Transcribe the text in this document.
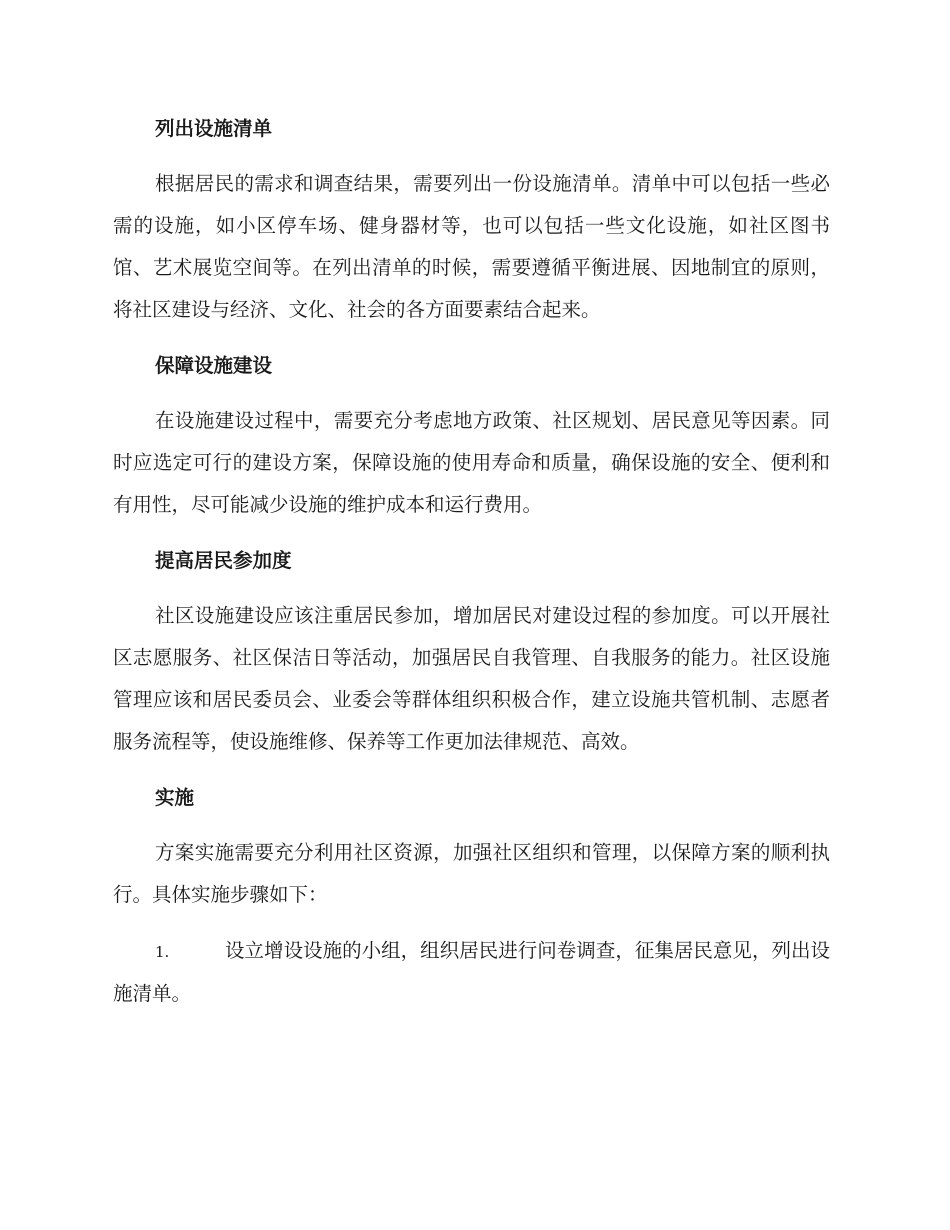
列出设施清单

根据居民的需求和调查结果，需要列出一份设施清单。清单中可以包括一些必需的设施，如小区停车场、健身器材等，也可以包括一些文化设施，如社区图书馆、艺术展览空间等。在列出清单的时候，需要遵循平衡进展、因地制宜的原则，将社区建设与经济、文化、社会的各方面要素结合起来。

保障设施建设

在设施建设过程中，需要充分考虑地方政策、社区规划、居民意见等因素。同时应选定可行的建设方案，保障设施的使用寿命和质量，确保设施的安全、便利和有用性，尽可能减少设施的维护成本和运行费用。

提高居民参加度

社区设施建设应该注重居民参加，增加居民对建设过程的参加度。可以开展社区志愿服务、社区保洁日等活动，加强居民自我管理、自我服务的能力。社区设施管理应该和居民委员会、业委会等群体组织积极合作，建立设施共管机制、志愿者服务流程等，使设施维修、保养等工作更加法律规范、高效。

实施

方案实施需要充分利用社区资源，加强社区组织和管理，以保障方案的顺利执行。具体实施步骤如下：

1.	设立增设设施的小组，组织居民进行问卷调查，征集居民意见，列出设施清单。
